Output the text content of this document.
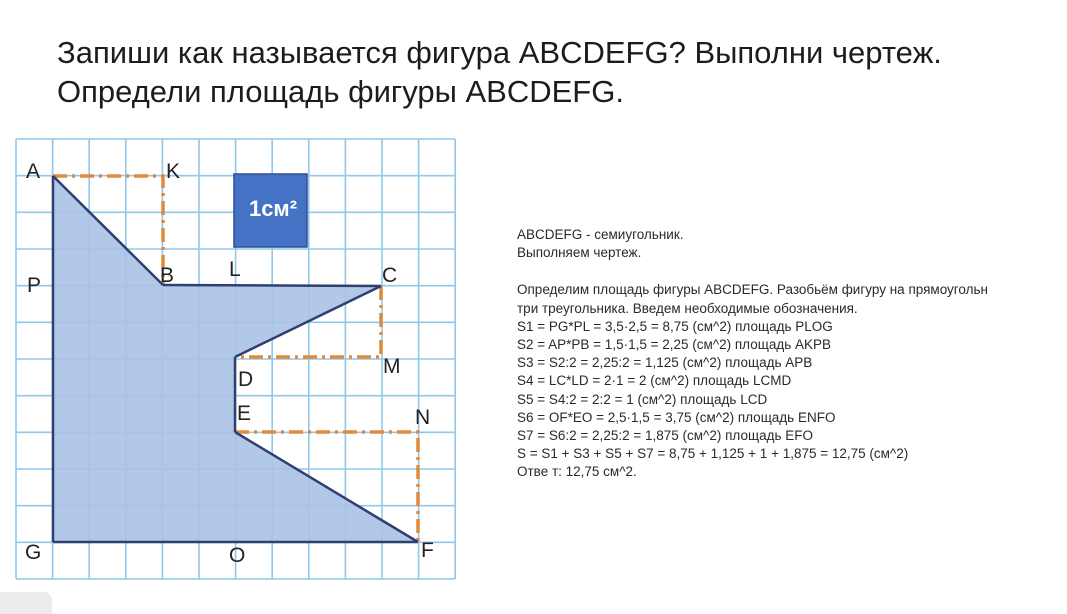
Запиши как называется фигура ABCDEFG? Выполни чертеж.
Определи площадь фигуры ABCDEFG.
1см²
A	K
B	L	C
P
D
M
E	N
G	O	F
ABCDEFG - семиугольник.
Выполняем чертеж.
Определим площадь фигуры ABCDEFG. Разобьём фигуру на прямоугольн
три треугольника. Введем необходимые обозначения.
S1 = PG*PL = 3,5·2,5 = 8,75 (см^2) площадь PLOG
S2 = AP*PB = 1,5·1,5 = 2,25 (см^2) площадь AKPB
S3 = S2:2 = 2,25:2 = 1,125 (см^2) площадь APB
S4 = LC*LD = 2·1 = 2 (см^2) площадь LCMD
S5 = S4:2 = 2:2 = 1 (см^2) площадь LCD
S6 = OF*EO = 2,5·1,5 = 3,75 (см^2) площадь ENFO
S7 = S6:2 = 2,25:2 = 1,875 (см^2) площадь EFO
S = S1 + S3 + S5 + S7 = 8,75 + 1,125 + 1 + 1,875 = 12,75 (см^2)
Отве т: 12,75 см^2.
